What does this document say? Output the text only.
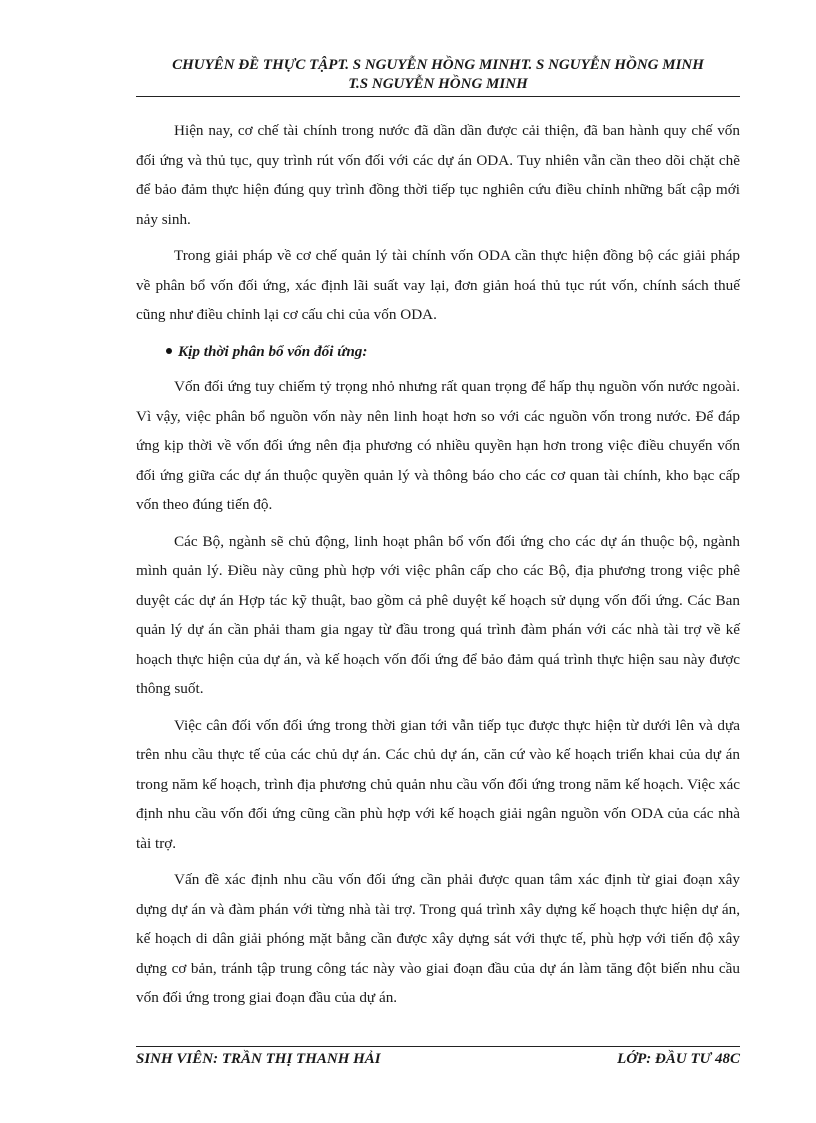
CHUYÊN ĐỀ THỰC TẬPT. S NGUYỄN HỒNG MINHT. S NGUYỄN HỒNG MINH
T.S NGUYỄN HỒNG MINH

Hiện nay, cơ chế tài chính trong nước đã dần dần được cải thiện, đã ban hành quy chế vốn đối ứng và thủ tục, quy trình rút vốn đối với các dự án ODA. Tuy nhiên vẫn cần theo dõi chặt chẽ để bảo đảm thực hiện đúng quy trình đồng thời tiếp tục nghiên cứu điều chỉnh những bất cập mới nảy sinh.

Trong giải pháp về cơ chế quản lý tài chính vốn ODA cần thực hiện đồng bộ các giải pháp về phân bổ vốn đối ứng, xác định lãi suất vay lại, đơn giản hoá thủ tục rút vốn, chính sách thuế cũng như điều chỉnh lại cơ cấu chi của vốn ODA.

Kịp thời phân bổ vốn đối ứng:

Vốn đối ứng tuy chiếm tỷ trọng nhỏ nhưng rất quan trọng để hấp thụ nguồn vốn nước ngoài. Vì vậy, việc phân bổ nguồn vốn này nên linh hoạt hơn so với các nguồn vốn trong nước. Để đáp ứng kịp thời về vốn đối ứng nên địa phương có nhiều quyền hạn hơn trong việc điều chuyển vốn đối ứng giữa các dự án thuộc quyền quản lý và thông báo cho các cơ quan tài chính, kho bạc cấp vốn theo đúng tiến độ.

Các Bộ, ngành sẽ chủ động, linh hoạt phân bổ vốn đối ứng cho các dự án thuộc bộ, ngành mình quản lý. Điều này cũng phù hợp với việc phân cấp cho các Bộ, địa phương trong việc phê duyệt các dự án Hợp tác kỹ thuật, bao gồm cả phê duyệt kế hoạch sử dụng vốn đối ứng. Các Ban quản lý dự án cần phải tham gia ngay từ đầu trong quá trình đàm phán với các nhà tài trợ về kế hoạch thực hiện của dự án, và kế hoạch vốn đối ứng để bảo đảm quá trình thực hiện sau này được thông suốt.

Việc cân đối vốn đối ứng trong thời gian tới vẫn tiếp tục được thực hiện từ dưới lên và dựa trên nhu cầu thực tế của các chủ dự án. Các chủ dự án, căn cứ vào kế hoạch triển khai của dự án trong năm kế hoạch, trình địa phương chủ quản nhu cầu vốn đối ứng trong năm kế hoạch. Việc xác định nhu cầu vốn đối ứng cũng cần phù hợp với kế hoạch giải ngân nguồn vốn ODA của các nhà tài trợ.

Vấn đề xác định nhu cầu vốn đối ứng cần phải được quan tâm xác định từ giai đoạn xây dựng dự án và đàm phán với từng nhà tài trợ. Trong quá trình xây dựng kế hoạch thực hiện dự án, kế hoạch di dân giải phóng mặt bằng cần được xây dựng sát với thực tế, phù hợp với tiến độ xây dựng cơ bản, tránh tập trung công tác này vào giai đoạn đầu của dự án làm tăng đột biến nhu cầu vốn đối ứng trong giai đoạn đầu của dự án.

SINH VIÊN: TRẦN THỊ THANH HẢI	LỚP: ĐẦU TƯ 48C
